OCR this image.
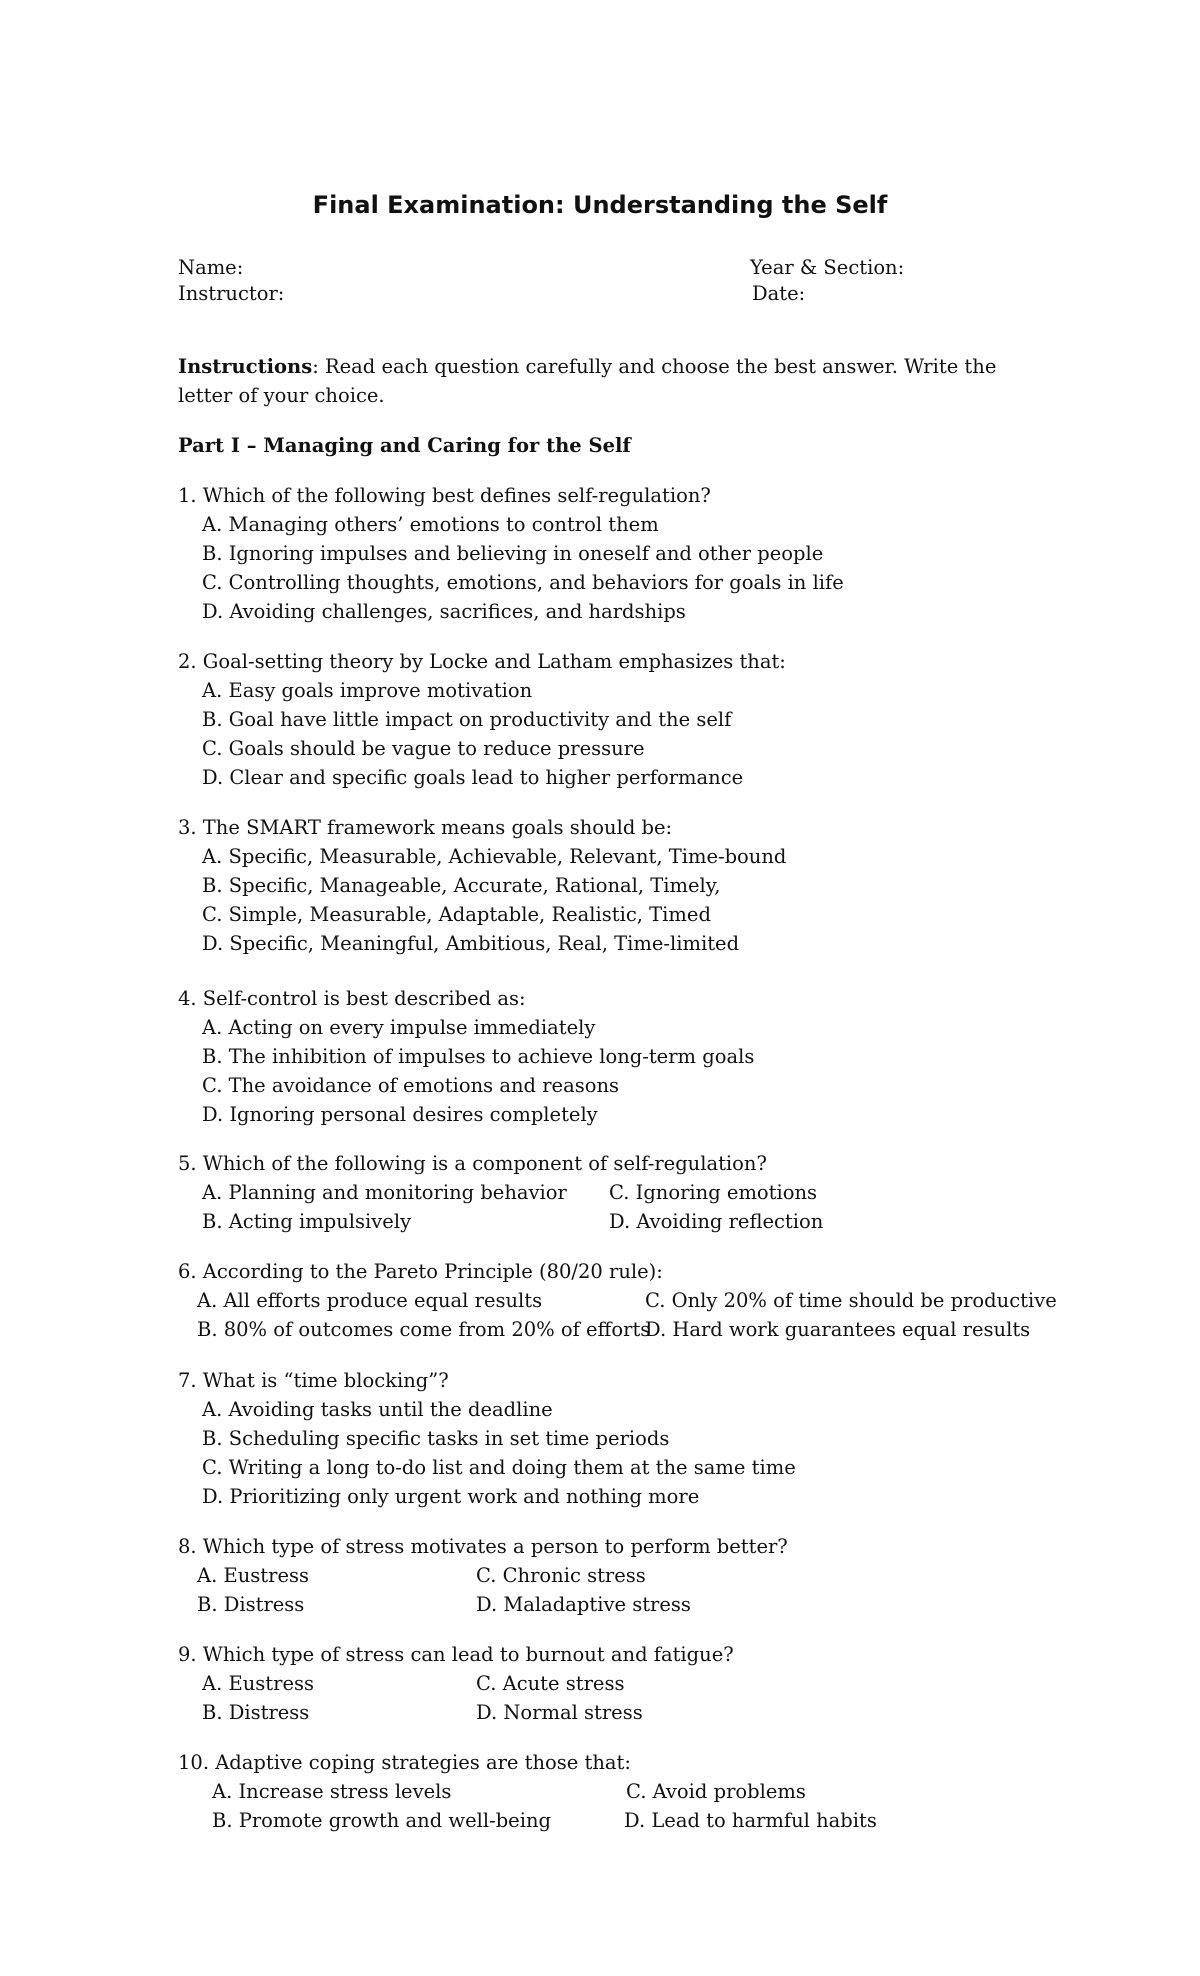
Final Examination: Understanding the Self
Name:
Instructor:
Year & Section:
Date:
Instructions: Read each question carefully and choose the best answer. Write the letter of your choice.
Part I – Managing and Caring for the Self
1. Which of the following best defines self-regulation?
A. Managing others’ emotions to control them
B. Ignoring impulses and believing in oneself and other people
C. Controlling thoughts, emotions, and behaviors for goals in life
D. Avoiding challenges, sacrifices, and hardships
2. Goal-setting theory by Locke and Latham emphasizes that:
A. Easy goals improve motivation
B. Goal have little impact on productivity and the self
C. Goals should be vague to reduce pressure
D. Clear and specific goals lead to higher performance
3. The SMART framework means goals should be:
A. Specific, Measurable, Achievable, Relevant, Time-bound
B. Specific, Manageable, Accurate, Rational, Timely,
C. Simple, Measurable, Adaptable, Realistic, Timed
D. Specific, Meaningful, Ambitious, Real, Time-limited
4. Self-control is best described as:
A. Acting on every impulse immediately
B. The inhibition of impulses to achieve long-term goals
C. The avoidance of emotions and reasons
D. Ignoring personal desires completely
5. Which of the following is a component of self-regulation?
A. Planning and monitoring behavior
B. Acting impulsively
C. Ignoring emotions
D. Avoiding reflection
6. According to the Pareto Principle (80/20 rule):
A. All efforts produce equal results
B. 80% of outcomes come from 20% of efforts
C. Only 20% of time should be productive
D. Hard work guarantees equal results
7. What is “time blocking”?
A. Avoiding tasks until the deadline
B. Scheduling specific tasks in set time periods
C. Writing a long to-do list and doing them at the same time
D. Prioritizing only urgent work and nothing more
8. Which type of stress motivates a person to perform better?
A. Eustress
B. Distress
C. Chronic stress
D. Maladaptive stress
9. Which type of stress can lead to burnout and fatigue?
A. Eustress
B. Distress
C. Acute stress
D. Normal stress
10. Adaptive coping strategies are those that:
A. Increase stress levels
B. Promote growth and well-being
C. Avoid problems
D. Lead to harmful habits
